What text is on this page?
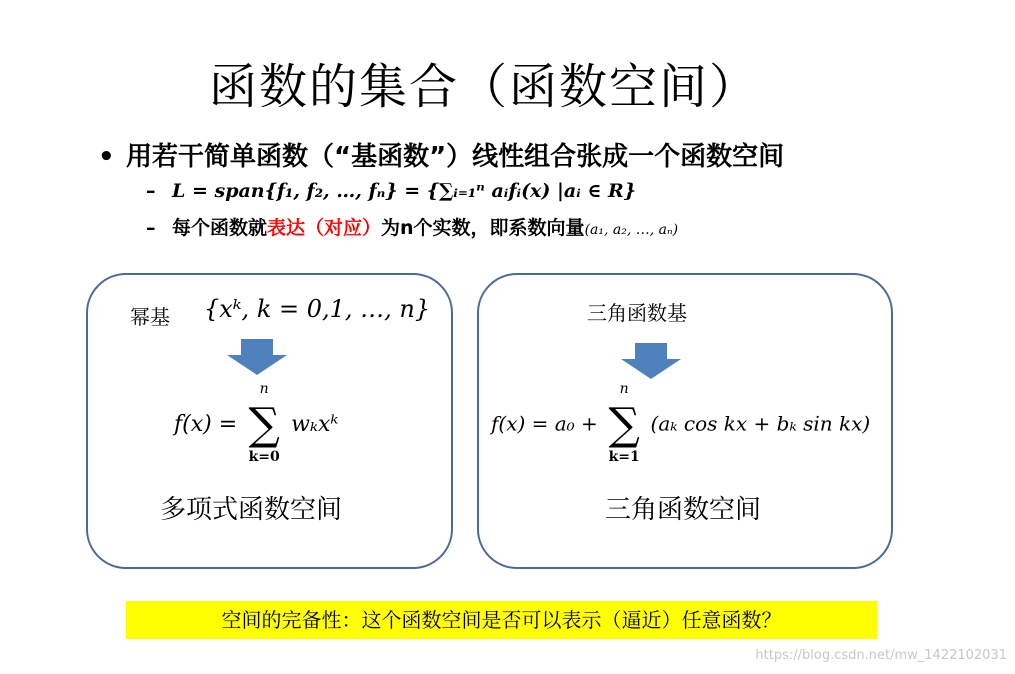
函数的集合（函数空间）
• 用若干简单函数（“基函数”）线性组合张成一个函数空间
– L = span{f₁, f₂, …, fₙ} = {∑ᵢ₌₁ⁿ aᵢfᵢ(x) |aᵢ ∈ R}
– 每个函数就表达（对应）为n个实数，即系数向量(a₁, a₂, …, aₙ)
幂基 {xᵏ, k = 0,1, …, n}
f(x) =
n
∑
k=0
wₖxᵏ
多项式函数空间
三角函数基
f(x) = a₀ +
n
∑
k=1
(aₖ cos kx + bₖ sin kx)
三角函数空间
空间的完备性：这个函数空间是否可以表示（逼近）任意函数？
https://blog.csdn.net/mw_1422102031
